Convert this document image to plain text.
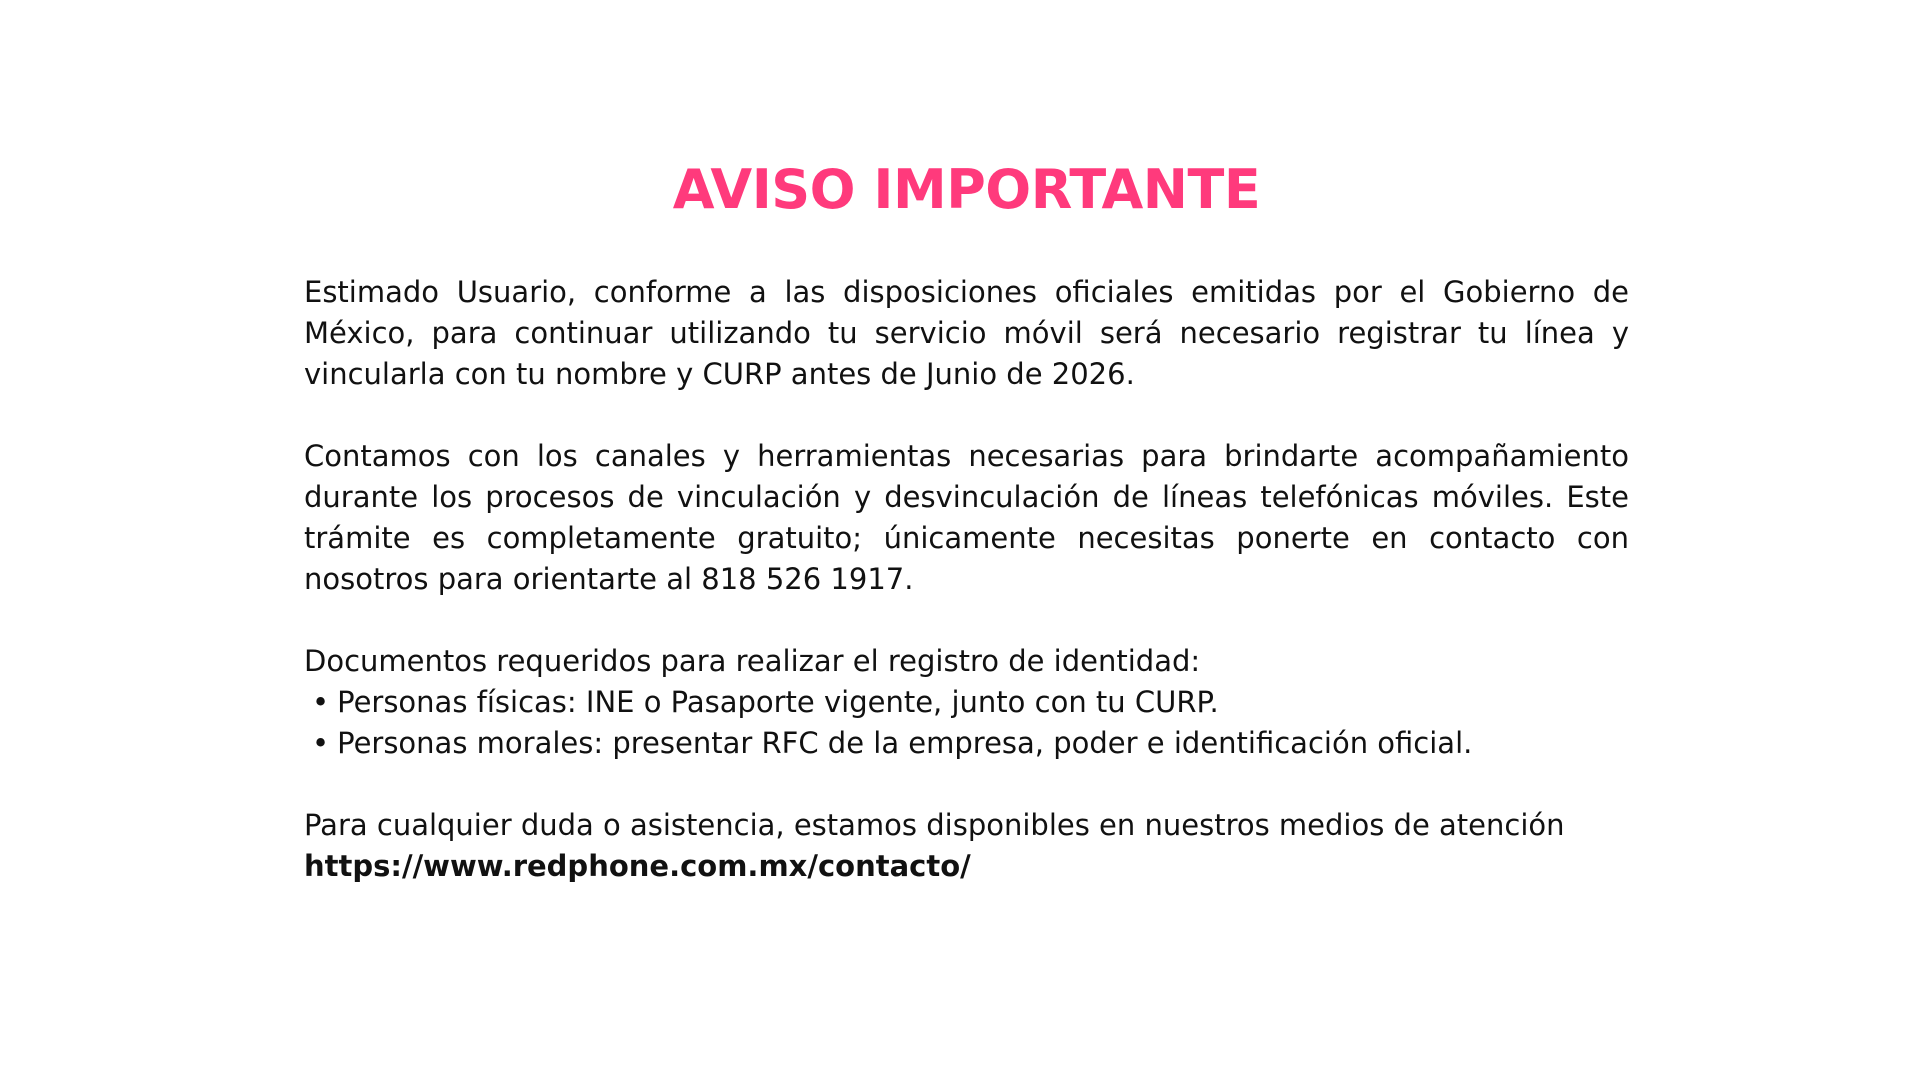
AVISO IMPORTANTE

Estimado Usuario, conforme a las disposiciones oficiales emitidas por el Gobierno de México, para continuar utilizando tu servicio móvil será necesario registrar tu línea y vincularla con tu nombre y CURP antes de Junio de 2026.

Contamos con los canales y herramientas necesarias para brindarte acompañamiento durante los procesos de vinculación y desvinculación de líneas telefónicas móviles. Este trámite es completamente gratuito; únicamente necesitas ponerte en contacto con nosotros para orientarte al 818 526 1917.

Documentos requeridos para realizar el registro de identidad:

• Personas físicas: INE o Pasaporte vigente, junto con tu CURP.
• Personas morales: presentar RFC de la empresa, poder e identificación oficial.

Para cualquier duda o asistencia, estamos disponibles en nuestros medios de atención

https://www.redphone.com.mx/contacto/
